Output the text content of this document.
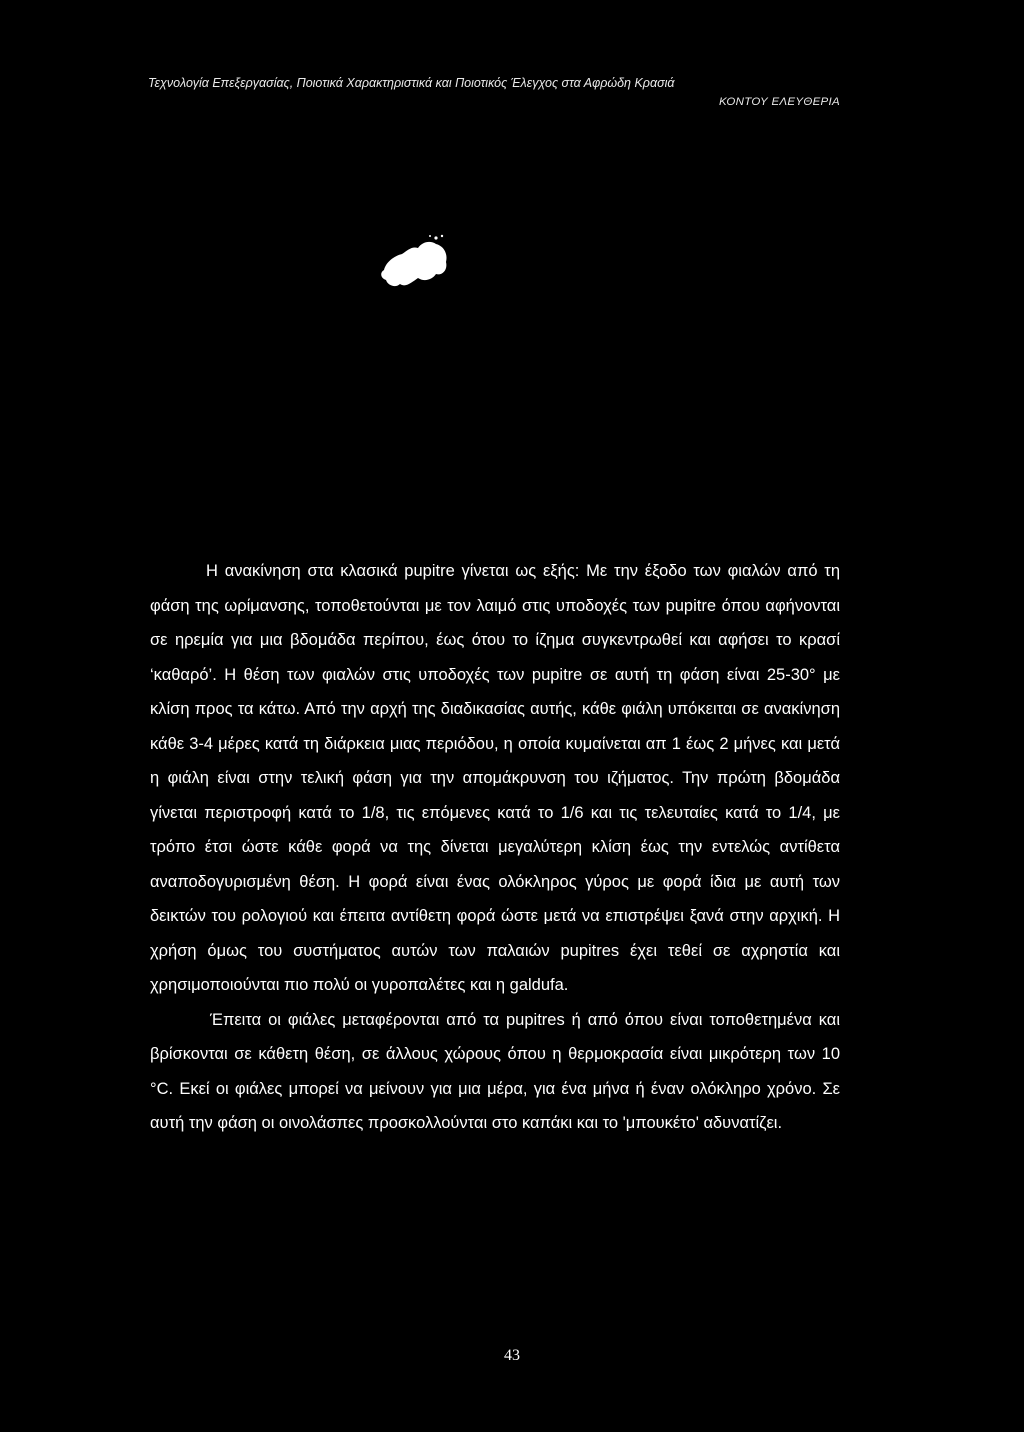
Τεχνολογία Επεξεργασίας, Ποιοτικά Χαρακτηριστικά και Ποιοτικός Έλεγχος στα Αφρώδη Κρασιά
ΚΟΝΤΟΥ ΕΛΕΥΘΕΡΙΑ

Η ανακίνηση στα κλασικά pupitre γίνεται ως εξής: Με την έξοδο των φιαλών από τη φάση της ωρίμανσης, τοποθετούνται με τον λαιμό στις υποδοχές των pupitre όπου αφήνονται σε ηρεμία για μια βδομάδα περίπου, έως ότου το ίζημα συγκεντρωθεί και αφήσει το κρασί ‘καθαρό’. Η θέση των φιαλών στις υποδοχές των pupitre σε αυτή τη φάση είναι 25-30° με κλίση προς τα κάτω. Από την αρχή της διαδικασίας αυτής, κάθε φιάλη υπόκειται σε ανακίνηση κάθε 3-4 μέρες κατά τη διάρκεια μιας περιόδου, η οποία κυμαίνεται απ 1 έως 2 μήνες και μετά η φιάλη είναι στην τελική φάση για την απομάκρυνση του ιζήματος. Την πρώτη βδομάδα γίνεται περιστροφή κατά το 1/8, τις επόμενες κατά το 1/6 και τις τελευταίες κατά το 1/4, με τρόπο έτσι ώστε κάθε φορά να της δίνεται μεγαλύτερη κλίση έως την εντελώς αντίθετα αναποδογυρισμένη θέση. Η φορά είναι ένας ολόκληρος γύρος με φορά ίδια με αυτή των δεικτών του ρολογιού και έπειτα αντίθετη φορά ώστε μετά να επιστρέψει ξανά στην αρχική. Η χρήση όμως του συστήματος αυτών των παλαιών pupitres έχει τεθεί σε αχρηστία και χρησιμοποιούνται πιο πολύ οι γυροπαλέτες και η galdufa.

Έπειτα οι φιάλες μεταφέρονται από τα pupitres ή από όπου είναι τοποθετημένα και βρίσκονται σε κάθετη θέση, σε άλλους χώρους όπου η θερμοκρασία είναι μικρότερη των 10 °C. Εκεί οι φιάλες μπορεί να μείνουν για μια μέρα, για ένα μήνα ή έναν ολόκληρο χρόνο. Σε αυτή την φάση οι οινολάσπες προσκολλούνται στο καπάκι και το 'μπουκέτο' αδυνατίζει.

43
